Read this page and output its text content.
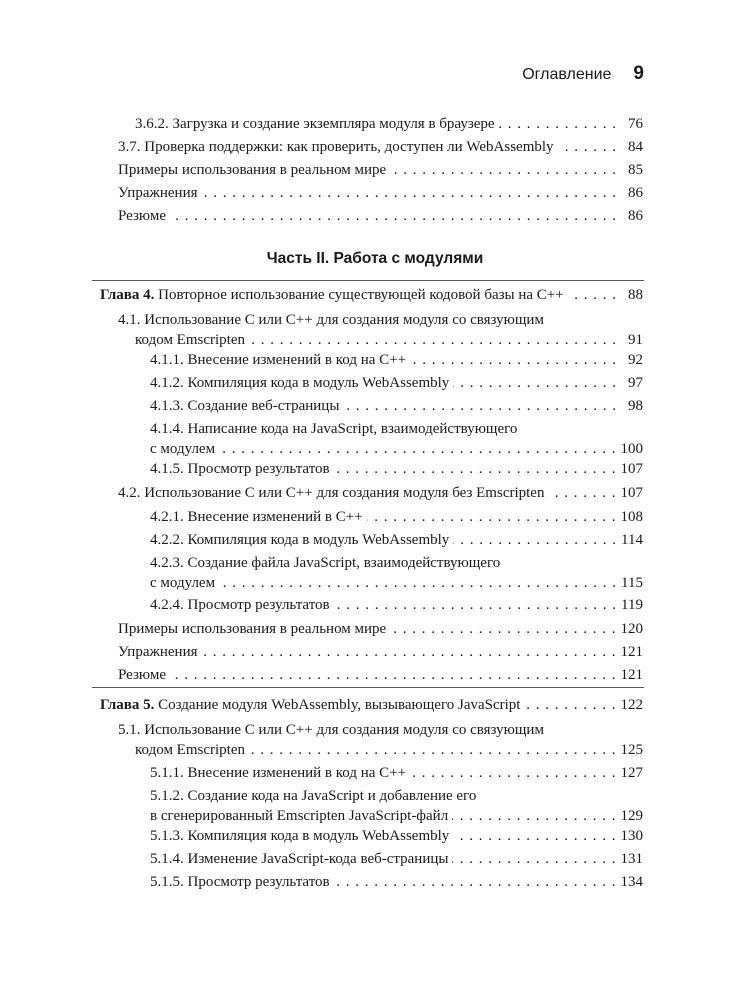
Оглавление 9
3.6.2. Загрузка и создание экземпляра модуля в браузере . . .	76
3.7. Проверка поддержки: как проверить, доступен ли WebAssembly . . .	84
Примеры использования в реальном мире . . .	85
Упражнения . . .	86
Резюме . . .	86
Часть II. Работа с модулями
Глава 4. Повторное использование существующей кодовой базы на C++ . . .	88
4.1. Использование C или C++ для создания модуля со связующим
кодом Emscripten . . .	91
4.1.1. Внесение изменений в код на C++ . . .	92
4.1.2. Компиляция кода в модуль WebAssembly . . .	97
4.1.3. Создание веб-страницы . . .	98
4.1.4. Написание кода на JavaScript, взаимодействующего
с модулем . . .	100
4.1.5. Просмотр результатов . . .	107
4.2. Использование C или C++ для создания модуля без Emscripten . . .	107
4.2.1. Внесение изменений в C++ . . .	108
4.2.2. Компиляция кода в модуль WebAssembly . . .	114
4.2.3. Создание файла JavaScript, взаимодействующего
с модулем . . .	115
4.2.4. Просмотр результатов . . .	119
Примеры использования в реальном мире . . .	120
Упражнения . . .	121
Резюме . . .	121
Глава 5. Создание модуля WebAssembly, вызывающего JavaScript . . .	122
5.1. Использование C или C++ для создания модуля со связующим
кодом Emscripten . . .	125
5.1.1. Внесение изменений в код на C++ . . .	127
5.1.2. Создание кода на JavaScript и добавление его
в сгенерированный Emscripten JavaScript-файл . . .	129
5.1.3. Компиляция кода в модуль WebAssembly . . .	130
5.1.4. Изменение JavaScript-кода веб-страницы . . .	131
5.1.5. Просмотр результатов . . .	134
